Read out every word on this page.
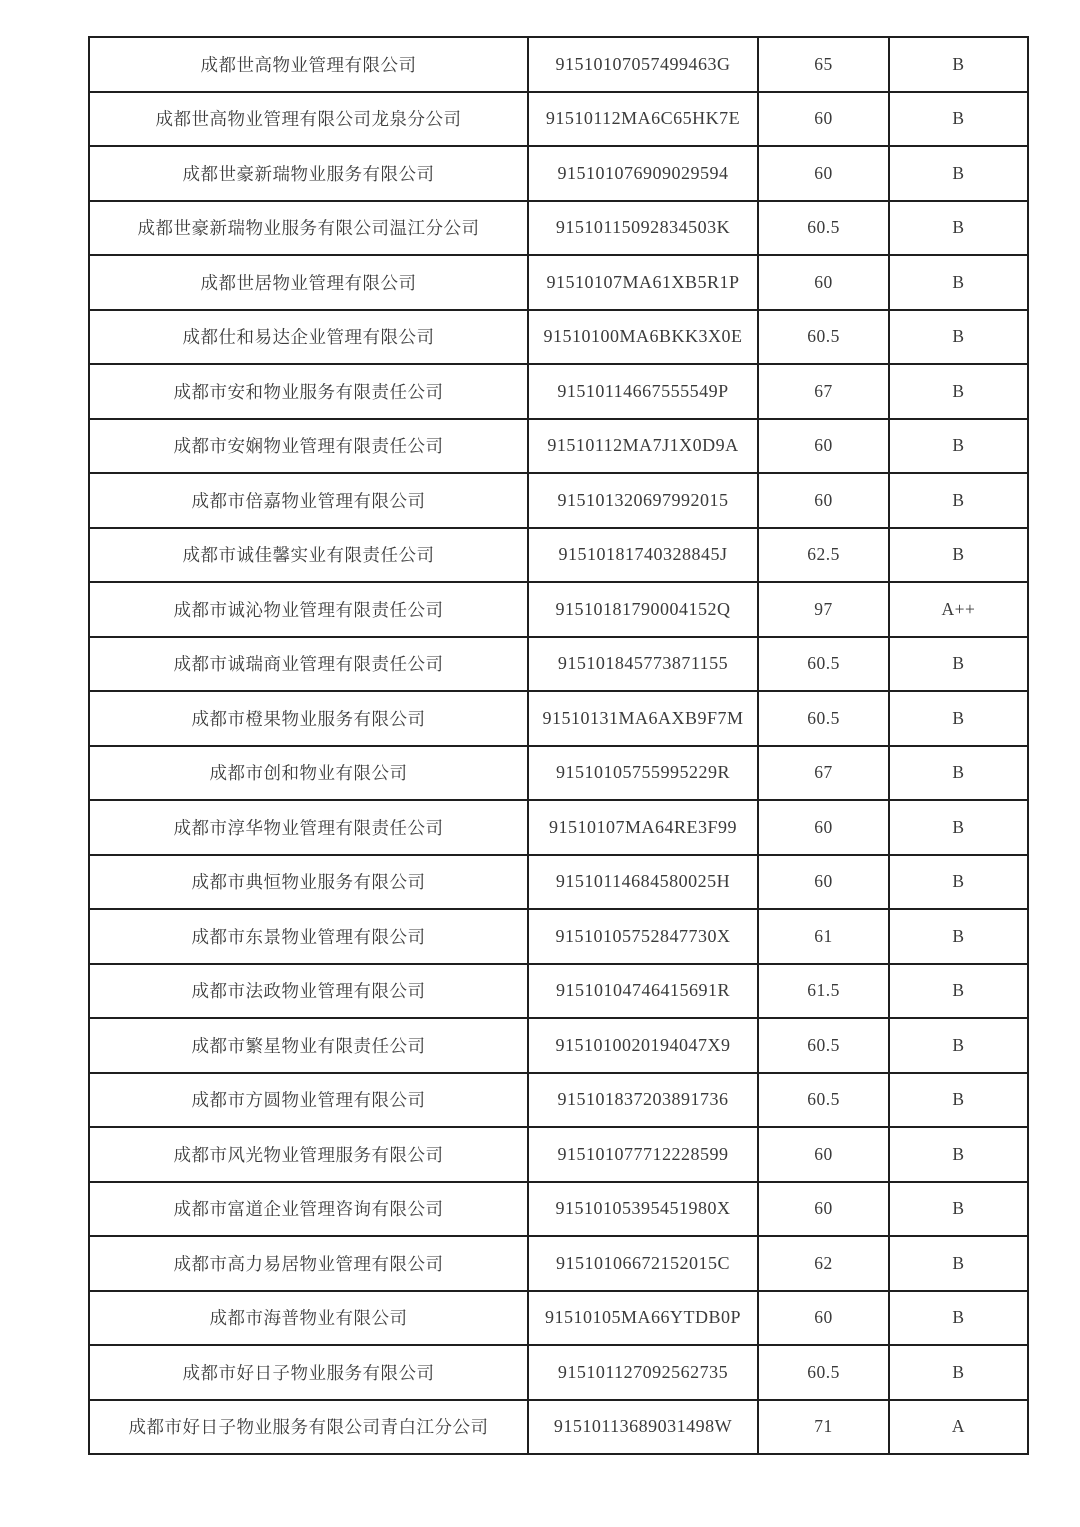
成都世高物业管理有限公司	91510107057499463G	65	B
成都世高物业管理有限公司龙泉分公司	91510112MA6C65HK7E	60	B
成都世豪新瑞物业服务有限公司	915101076909029594	60	B
成都世豪新瑞物业服务有限公司温江分公司	91510115092834503K	60.5	B
成都世居物业管理有限公司	91510107MA61XB5R1P	60	B
成都仕和易达企业管理有限公司	91510100MA6BKK3X0E	60.5	B
成都市安和物业服务有限责任公司	91510114667555549P	67	B
成都市安娴物业管理有限责任公司	91510112MA7J1X0D9A	60	B
成都市倍嘉物业管理有限公司	915101320697992015	60	B
成都市诚佳馨实业有限责任公司	91510181740328845J	62.5	B
成都市诚沁物业管理有限责任公司	91510181790004152Q	97	A++
成都市诚瑞商业管理有限责任公司	915101845773871155	60.5	B
成都市橙果物业服务有限公司	91510131MA6AXB9F7M	60.5	B
成都市创和物业有限公司	91510105755995229R	67	B
成都市淳华物业管理有限责任公司	91510107MA64RE3F99	60	B
成都市典恒物业服务有限公司	91510114684580025H	60	B
成都市东景物业管理有限公司	91510105752847730X	61	B
成都市法政物业管理有限公司	91510104746415691R	61.5	B
成都市繁星物业有限责任公司	9151010020194047X9	60.5	B
成都市方圆物业管理有限公司	915101837203891736	60.5	B
成都市风光物业管理服务有限公司	915101077712228599	60	B
成都市富道企业管理咨询有限公司	91510105395451980X	60	B
成都市高力易居物业管理有限公司	91510106672152015C	62	B
成都市海普物业有限公司	91510105MA66YTDB0P	60	B
成都市好日子物业服务有限公司	915101127092562735	60.5	B
成都市好日子物业服务有限公司青白江分公司	91510113689031498W	71	A
